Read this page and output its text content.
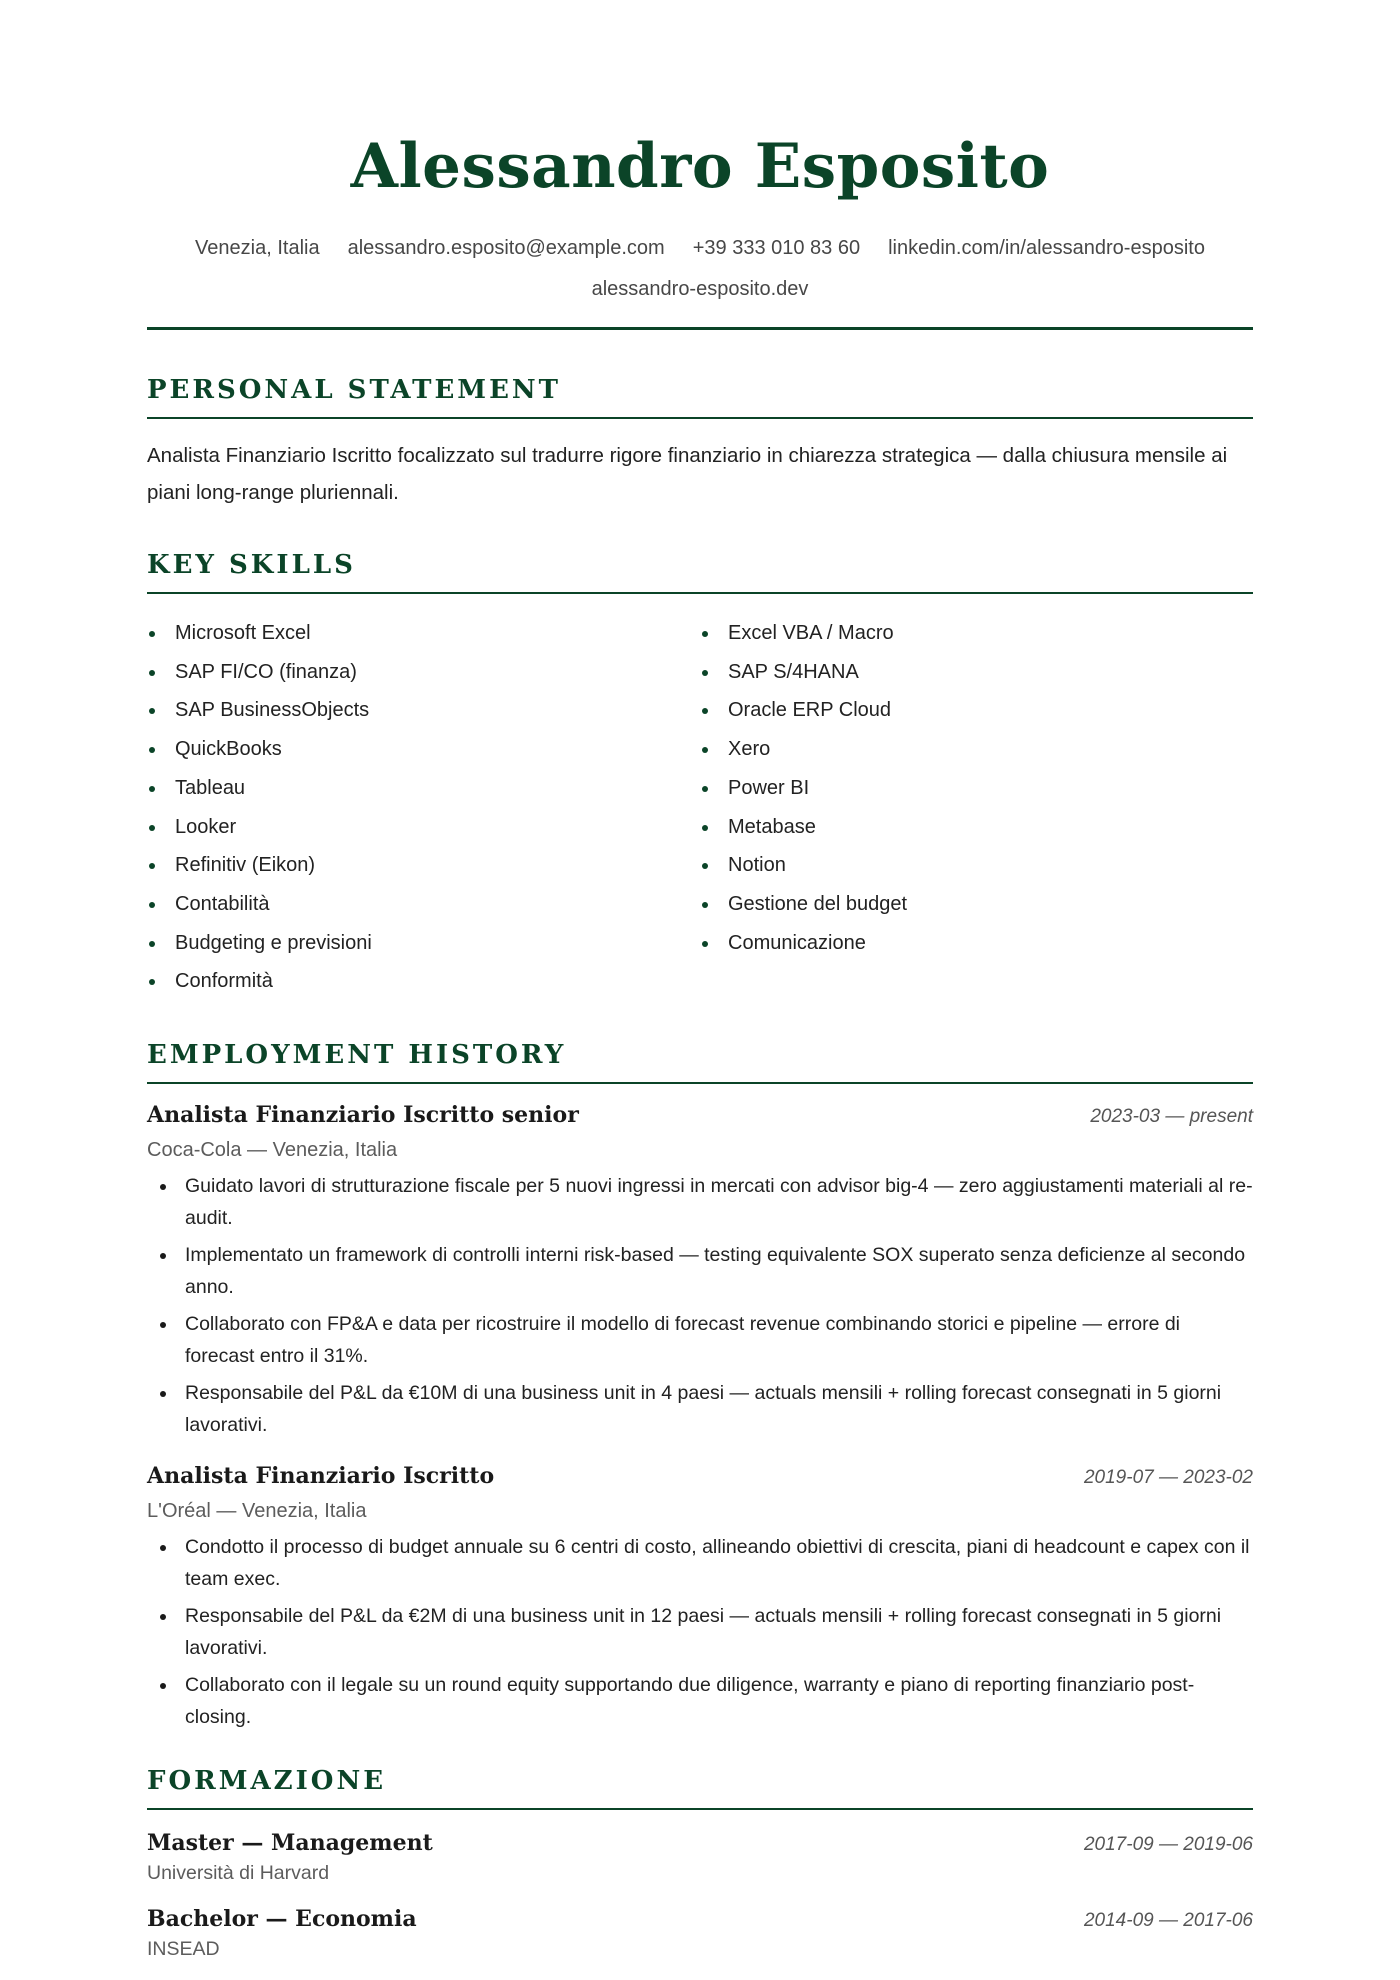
Alessandro Esposito
Venezia, Italia alessandro.esposito@example.com +39 333 010 83 60 linkedin.com/in/alessandro-esposito
alessandro-esposito.dev
PERSONAL STATEMENT

Analista Finanziario Iscritto focalizzato sul tradurre rigore finanziario in chiarezza strategica — dalla chiusura mensile ai piani long-range pluriennali.

KEY SKILLS
Microsoft Excel
SAP FI/CO (finanza)
SAP BusinessObjects
QuickBooks
Tableau
Looker
Refinitiv (Eikon)
Contabilità
Budgeting e previsioni
Conformità
Excel VBA / Macro
SAP S/4HANA
Oracle ERP Cloud
Xero
Power BI
Metabase
Notion
Gestione del budget
Comunicazione
EMPLOYMENT HISTORY
Analista Finanziario Iscritto senior	2023-03 — present
Coca-Cola — Venezia, Italia
Guidato lavori di strutturazione fiscale per 5 nuovi ingressi in mercati con advisor big-4 — zero aggiustamenti materiali al re-audit.
Implementato un framework di controlli interni risk-based — testing equivalente SOX superato senza deficienze al secondo anno.
Collaborato con FP&A e data per ricostruire il modello di forecast revenue combinando storici e pipeline — errore di forecast entro il 31%.
Responsabile del P&L da €10M di una business unit in 4 paesi — actuals mensili + rolling forecast consegnati in 5 giorni lavorativi.
Analista Finanziario Iscritto	2019-07 — 2023-02
L'Oréal — Venezia, Italia
Condotto il processo di budget annuale su 6 centri di costo, allineando obiettivi di crescita, piani di headcount e capex con il team exec.
Responsabile del P&L da €2M di una business unit in 12 paesi — actuals mensili + rolling forecast consegnati in 5 giorni lavorativi.
Collaborato con il legale su un round equity supportando due diligence, warranty e piano di reporting finanziario post-closing.
FORMAZIONE
Master — Management	2017-09 — 2019-06
Università di Harvard
Bachelor — Economia	2014-09 — 2017-06
INSEAD
